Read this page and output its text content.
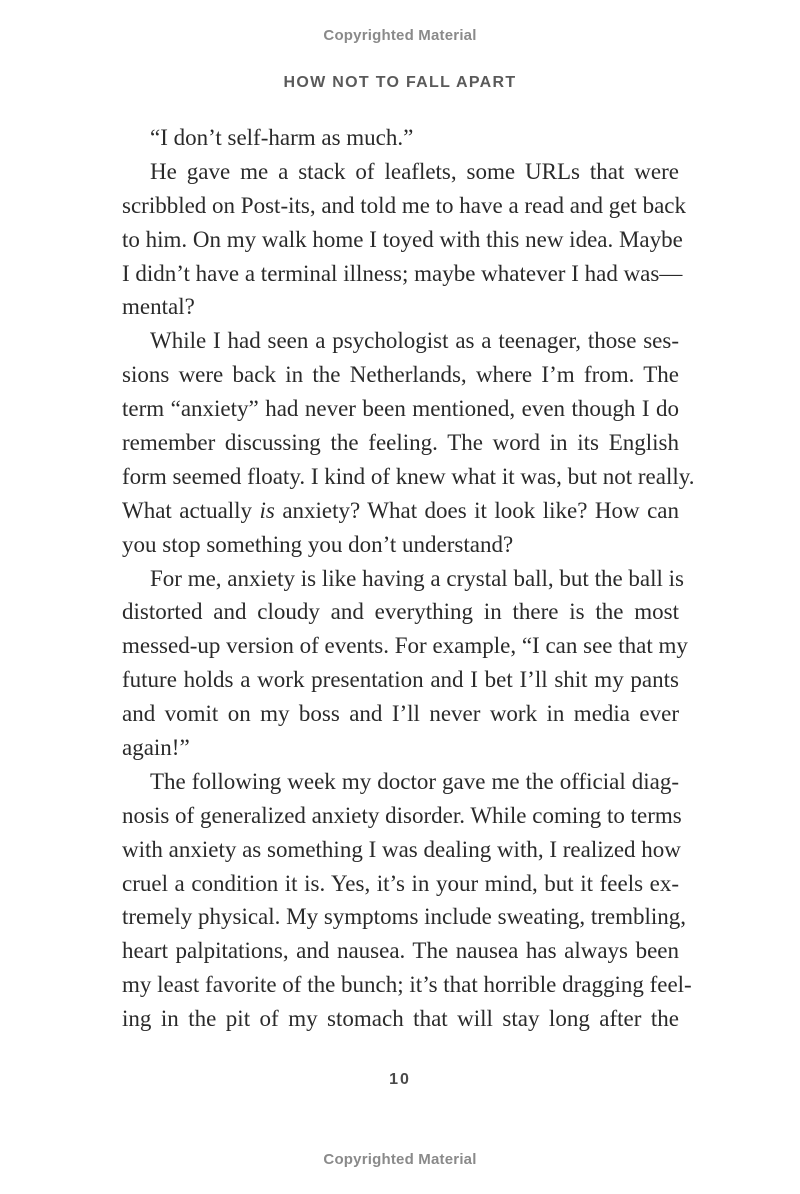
Copyrighted Material
HOW NOT TO FALL APART
“I don’t self-harm as much.”
He gave me a stack of leaflets, some URLs that were
scribbled on Post-its, and told me to have a read and get back
to him. On my walk home I toyed with this new idea. Maybe
I didn’t have a terminal illness; maybe whatever I had was—
mental?
While I had seen a psychologist as a teenager, those ses-
sions were back in the Netherlands, where I’m from. The
term “anxiety” had never been mentioned, even though I do
remember discussing the feeling. The word in its English
form seemed floaty. I kind of knew what it was, but not really.
What actually is anxiety? What does it look like? How can
you stop something you don’t understand?
For me, anxiety is like having a crystal ball, but the ball is
distorted and cloudy and everything in there is the most
messed-up version of events. For example, “I can see that my
future holds a work presentation and I bet I’ll shit my pants
and vomit on my boss and I’ll never work in media ever
again!”
The following week my doctor gave me the official diag-
nosis of generalized anxiety disorder. While coming to terms
with anxiety as something I was dealing with, I realized how
cruel a condition it is. Yes, it’s in your mind, but it feels ex-
tremely physical. My symptoms include sweating, trembling,
heart palpitations, and nausea. The nausea has always been
my least favorite of the bunch; it’s that horrible dragging feel-
ing in the pit of my stomach that will stay long after the
10
Copyrighted Material
